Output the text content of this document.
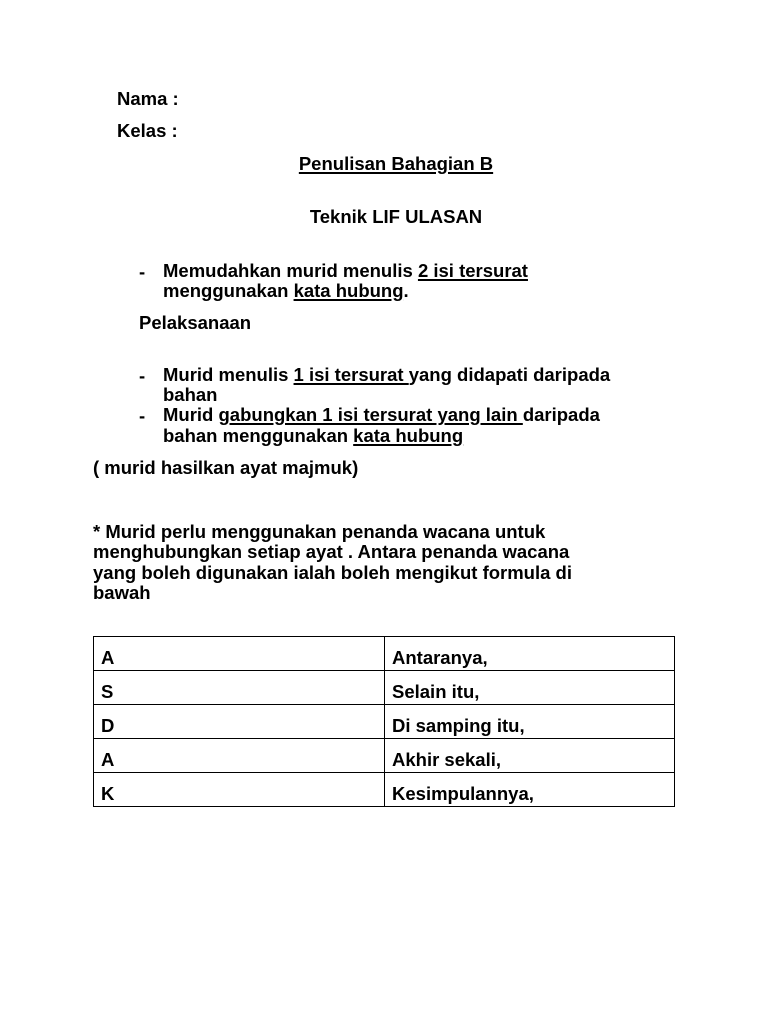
Nama :
Kelas :
Penulisan Bahagian B
Teknik LIF ULASAN
- Memudahkan murid menulis 2 isi tersurat
menggunakan kata hubung.
Pelaksanaan
- Murid menulis 1 isi tersurat yang didapati daripada
bahan
- Murid gabungkan 1 isi tersurat yang lain daripada
bahan menggunakan kata hubung
( murid hasilkan ayat majmuk)
* Murid perlu menggunakan penanda wacana untuk
menghubungkan setiap ayat . Antara penanda wacana
yang boleh digunakan ialah boleh mengikut formula di
bawah
A	Antaranya,
S	Selain itu,
D	Di samping itu,
A	Akhir sekali,
K	Kesimpulannya,
